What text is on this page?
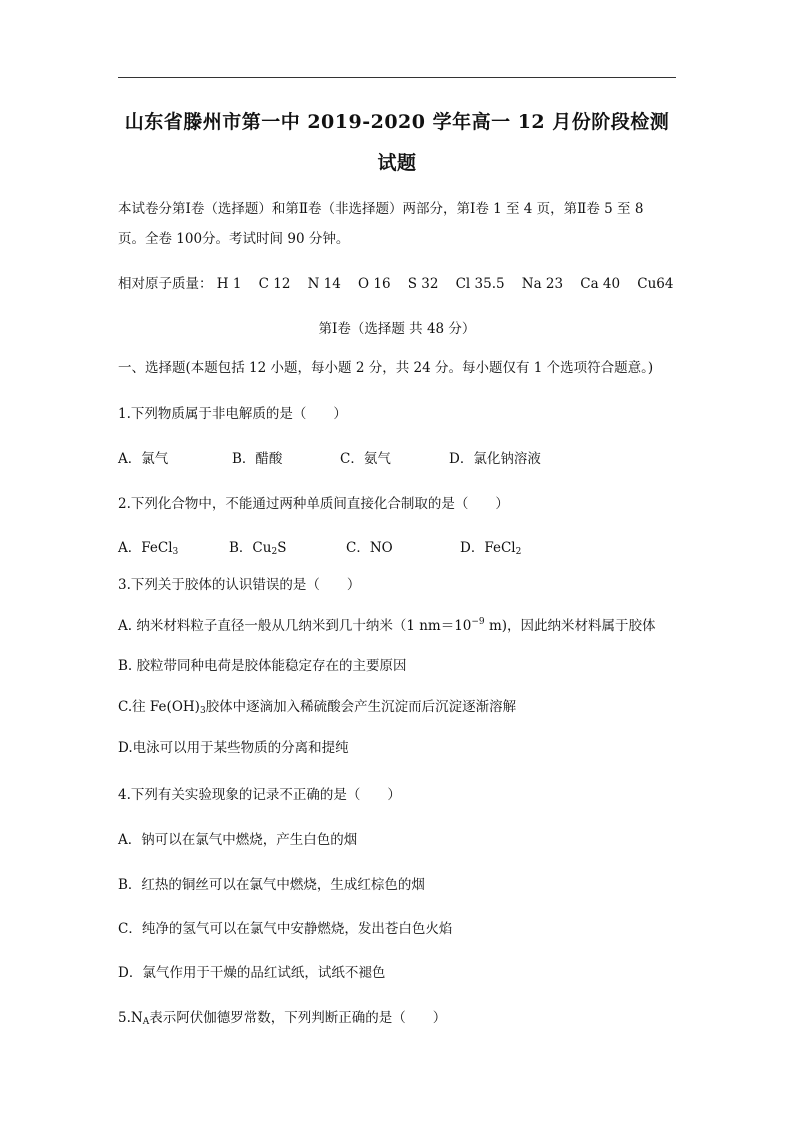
山东省滕州市第一中 2019-2020 学年高一 12 月份阶段检测
试题
本试卷分第Ⅰ卷（选择题）和第Ⅱ卷（非选择题）两部分，第Ⅰ卷 1 至 4 页，第Ⅱ卷 5 至 8
页。全卷 100分。考试时间 90 分钟。
相对原子质量： H 1    C 12    N 14    O 16    S 32    Cl 35.5    Na 23    Ca 40    Cu64
第Ⅰ卷（选择题 共 48 分）
一、选择题(本题包括 12 小题，每小题 2 分，共 24 分。每小题仅有 1 个选项符合题意。)
1.下列物质属于非电解质的是（　　）
A．氯气	B．醋酸	C．氨气	D．氯化钠溶液
2.下列化合物中，不能通过两种单质间直接化合制取的是（　　）
A．FeCl$_3$	B．$Cu_2S$	C．NO	D．FeCl$_2$
3.下列关于胶体的认识错误的是（　　）
A. 纳米材料粒子直径一般从几纳米到几十纳米（1 $nm=10^{-9}$ m)，因此纳米材料属于胶体
B. 胶粒带同种电荷是胶体能稳定存在的主要原因
C.往 $Fe(OH)_3$胶体中逐滴加入稀硫酸会产生沉淀而后沉淀逐渐溶解
D.电泳可以用于某些物质的分离和提纯
4.下列有关实验现象的记录不正确的是（　　）
A．钠可以在氯气中燃烧，产生白色的烟
B．红热的铜丝可以在氯气中燃烧，生成红棕色的烟
C．纯净的氢气可以在氯气中安静燃烧，发出苍白色火焰
D．氯气作用于干燥的品红试纸，试纸不褪色
$5.N_A$表示阿伏伽德罗常数，下列判断正确的是（　　）
